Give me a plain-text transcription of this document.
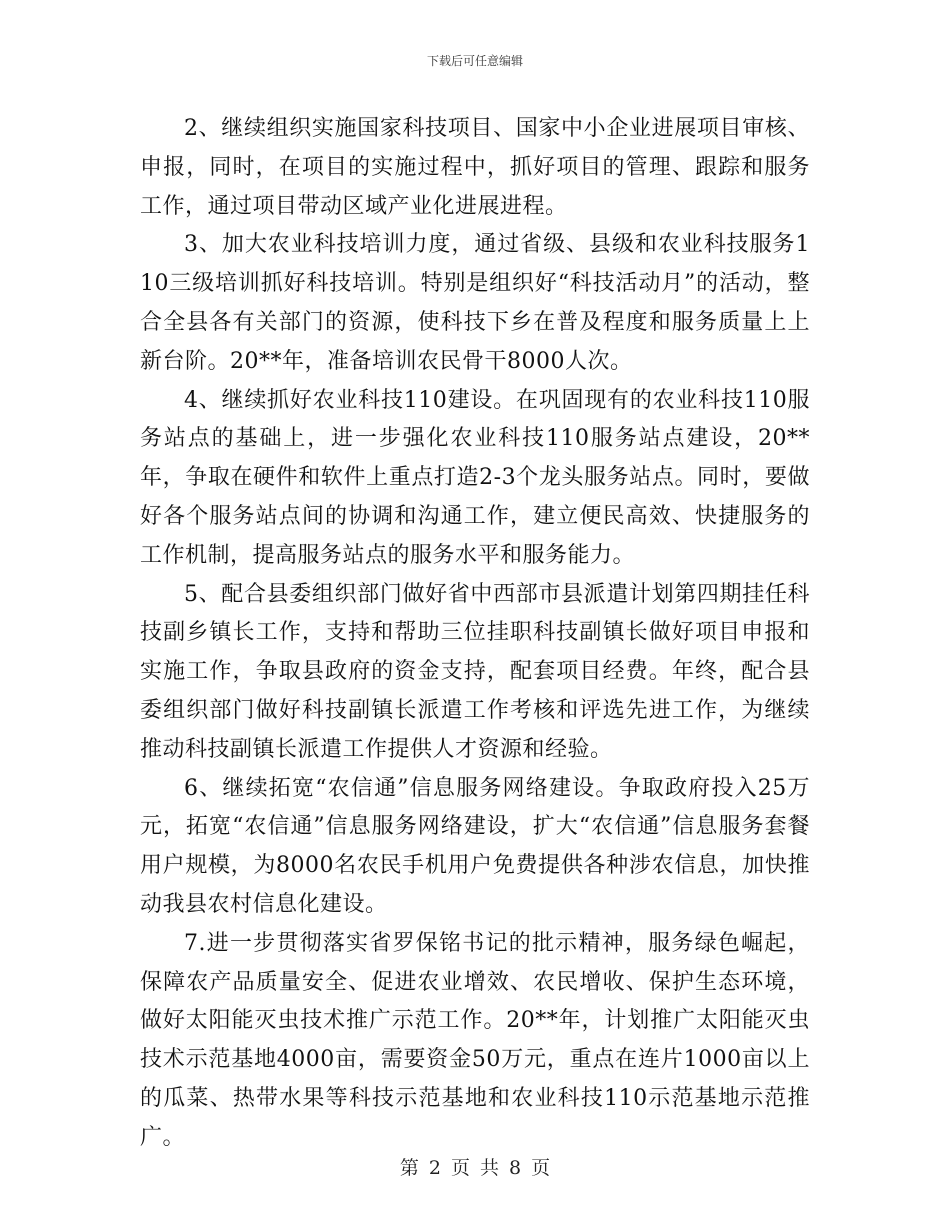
下载后可任意编辑

2、继续组织实施国家科技项目、国家中小企业进展项目审核、申报，同时，在项目的实施过程中，抓好项目的管理、跟踪和服务工作，通过项目带动区域产业化进展进程。

3、加大农业科技培训力度，通过省级、县级和农业科技服务110三级培训抓好科技培训。特别是组织好“科技活动月”的活动，整合全县各有关部门的资源，使科技下乡在普及程度和服务质量上上新台阶。20**年，准备培训农民骨干8000人次。

4、继续抓好农业科技110建设。在巩固现有的农业科技110服务站点的基础上，进一步强化农业科技110服务站点建设，20**年，争取在硬件和软件上重点打造2-3个龙头服务站点。同时，要做好各个服务站点间的协调和沟通工作，建立便民高效、快捷服务的工作机制，提高服务站点的服务水平和服务能力。

5、配合县委组织部门做好省中西部市县派遣计划第四期挂任科技副乡镇长工作，支持和帮助三位挂职科技副镇长做好项目申报和实施工作，争取县政府的资金支持，配套项目经费。年终，配合县委组织部门做好科技副镇长派遣工作考核和评选先进工作，为继续推动科技副镇长派遣工作提供人才资源和经验。

6、继续拓宽“农信通”信息服务网络建设。争取政府投入25万元，拓宽“农信通”信息服务网络建设，扩大“农信通”信息服务套餐用户规模，为8000名农民手机用户免费提供各种涉农信息，加快推动我县农村信息化建设。

7.进一步贯彻落实省罗保铭书记的批示精神，服务绿色崛起，保障农产品质量安全、促进农业增效、农民增收、保护生态环境，做好太阳能灭虫技术推广示范工作。20**年，计划推广太阳能灭虫技术示范基地4000亩，需要资金50万元，重点在连片1000亩以上的瓜菜、热带水果等科技示范基地和农业科技110示范基地示范推广。

第 2 页 共 8 页
